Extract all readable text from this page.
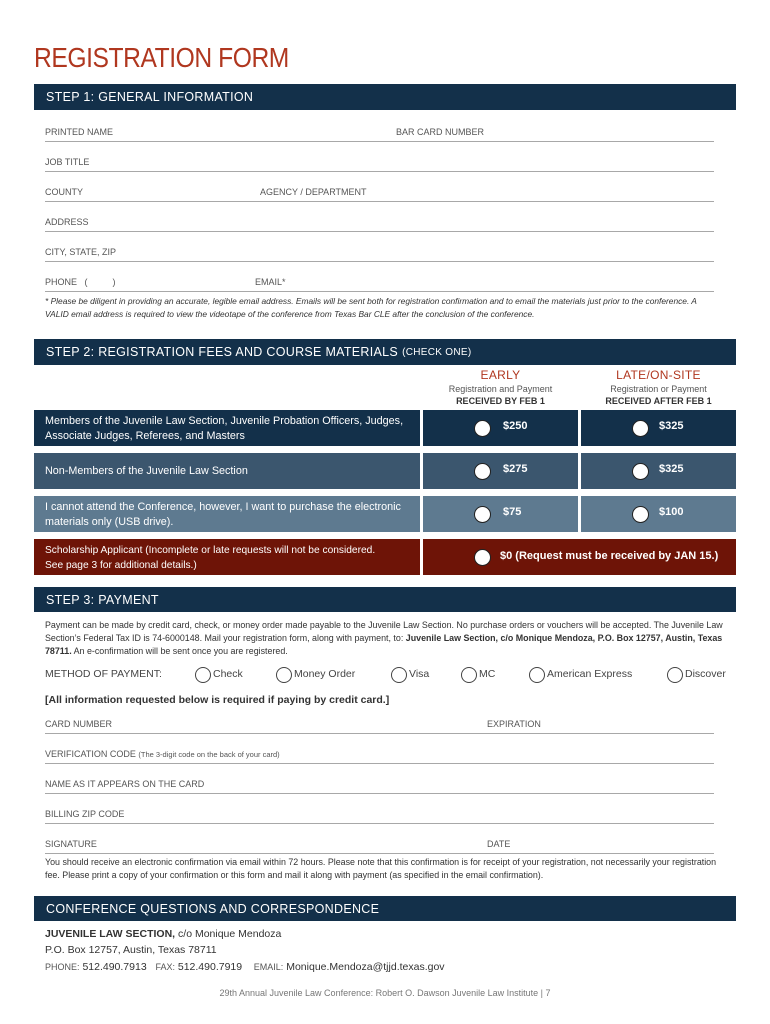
REGISTRATION FORM
STEP 1: GENERAL INFORMATION
PRINTED NAME	BAR CARD NUMBER
JOB TITLE
COUNTY	AGENCY / DEPARTMENT
ADDRESS
CITY, STATE, ZIP
PHONE   (          )	EMAIL*
* Please be diligent in providing an accurate, legible email address. Emails will be sent both for registration confirmation and to email the materials just prior to the conference. A VALID email address is required to view the videotape of the conference from Texas Bar CLE after the conclusion of the conference.
STEP 2: REGISTRATION FEES AND COURSE MATERIALS (CHECK ONE)
EARLY
Registration and Payment
RECEIVED BY FEB 1
LATE/ON-SITE
Registration or Payment
RECEIVED AFTER FEB 1
Members of the Juvenile Law Section, Juvenile Probation Officers, Judges, Associate Judges, Referees, and Masters
$250	$325
Non-Members of the Juvenile Law Section	$275	$325
I cannot attend the Conference, however, I want to purchase the electronic materials only (USB drive).
$75	$100
Scholarship Applicant (Incomplete or late requests will not be considered.
See page 3 for additional details.)
$0 (Request must be received by JAN 15.)
STEP 3: PAYMENT
Payment can be made by credit card, check, or money order made payable to the Juvenile Law Section. No purchase orders or vouchers will be accepted. The Juvenile Law Section’s Federal Tax ID is 74-6000148. Mail your registration form, along with payment, to: Juvenile Law Section, c/o Monique Mendoza, P.O. Box 12757, Austin, Texas 78711. An e-confirmation will be sent once you are registered.
METHOD OF PAYMENT:	Check	Money Order	Visa	MC	American Express	Discover
[All information requested below is required if paying by credit card.]
CARD NUMBER	EXPIRATION
VERIFICATION CODE (The 3-digit code on the back of your card)
NAME AS IT APPEARS ON THE CARD
BILLING ZIP CODE
SIGNATURE	DATE
You should receive an electronic confirmation via email within 72 hours. Please note that this confirmation is for receipt of your registration, not necessarily your registration fee. Please print a copy of your confirmation or this form and mail it along with payment (as specified in the email confirmation).
CONFERENCE QUESTIONS AND CORRESPONDENCE
JUVENILE LAW SECTION, c/o Monique Mendoza
P.O. Box 12757, Austin, Texas 78711
PHONE: 512.490.7913 FAX: 512.490.7919 EMAIL: Monique.Mendoza@tjjd.texas.gov
29th Annual Juvenile Law Conference: Robert O. Dawson Juvenile Law Institute | 7
